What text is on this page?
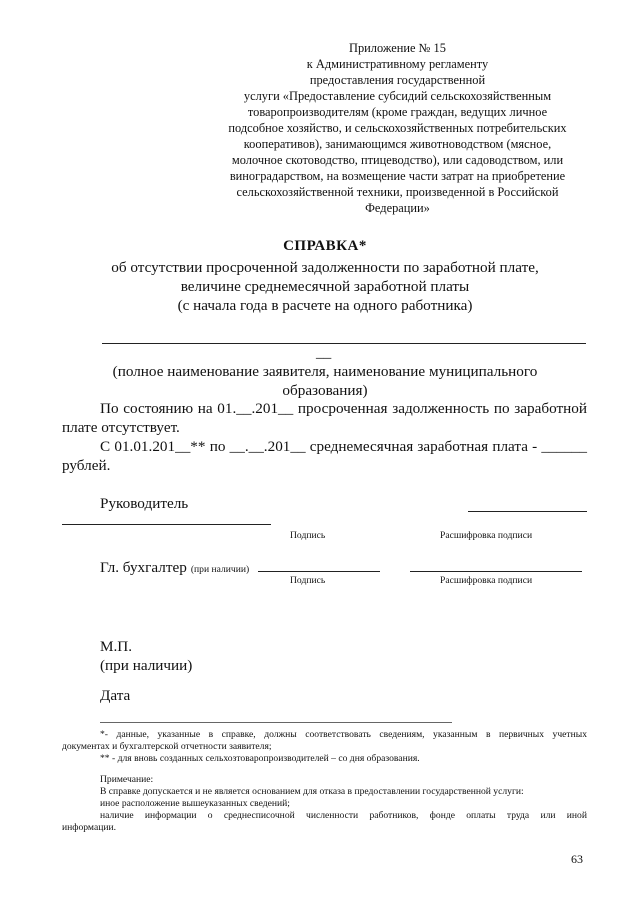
Приложение № 15
к Административному регламенту
предоставления государственной
услуги «Предоставление субсидий сельскохозяйственным
товаропроизводителям (кроме граждан, ведущих личное
подсобное хозяйство, и сельскохозяйственных потребительских
кооперативов), занимающимся животноводством (мясное,
молочное скотоводство, птицеводство), или садоводством, или
виноградарством, на возмещение части затрат на приобретение
сельскохозяйственной техники, произведенной в Российской
Федерации»
СПРАВКА*
об отсутствии просроченной задолженности по заработной плате,
величине среднемесячной заработной платы
(с начала года в расчете на одного работника)
__
(полное наименование заявителя, наименование муниципального
образования)
По состоянию на 01.__.201__ просроченная задолженность по заработной
плате отсутствует.
С 01.01.201__** по __.__.201__ среднемесячная заработная плата - ______
рублей.
Руководитель
Подпись	Расшифровка подписи
Гл. бухгалтер (при наличии)
Подпись	Расшифровка подписи
М.П.
(при наличии)
Дата
*- данные, указанные в справке, должны соответствовать сведениям, указанным в первичных учетных
документах и бухгалтерской отчетности заявителя;
** - для вновь созданных сельхозтоваропроизводителей – со дня образования.
Примечание:
В справке допускается и не является основанием для отказа в предоставлении государственной услуги:
иное расположение вышеуказанных сведений;
наличие информации о среднесписочной численности работников, фонде оплаты труда или иной
информации.
63
